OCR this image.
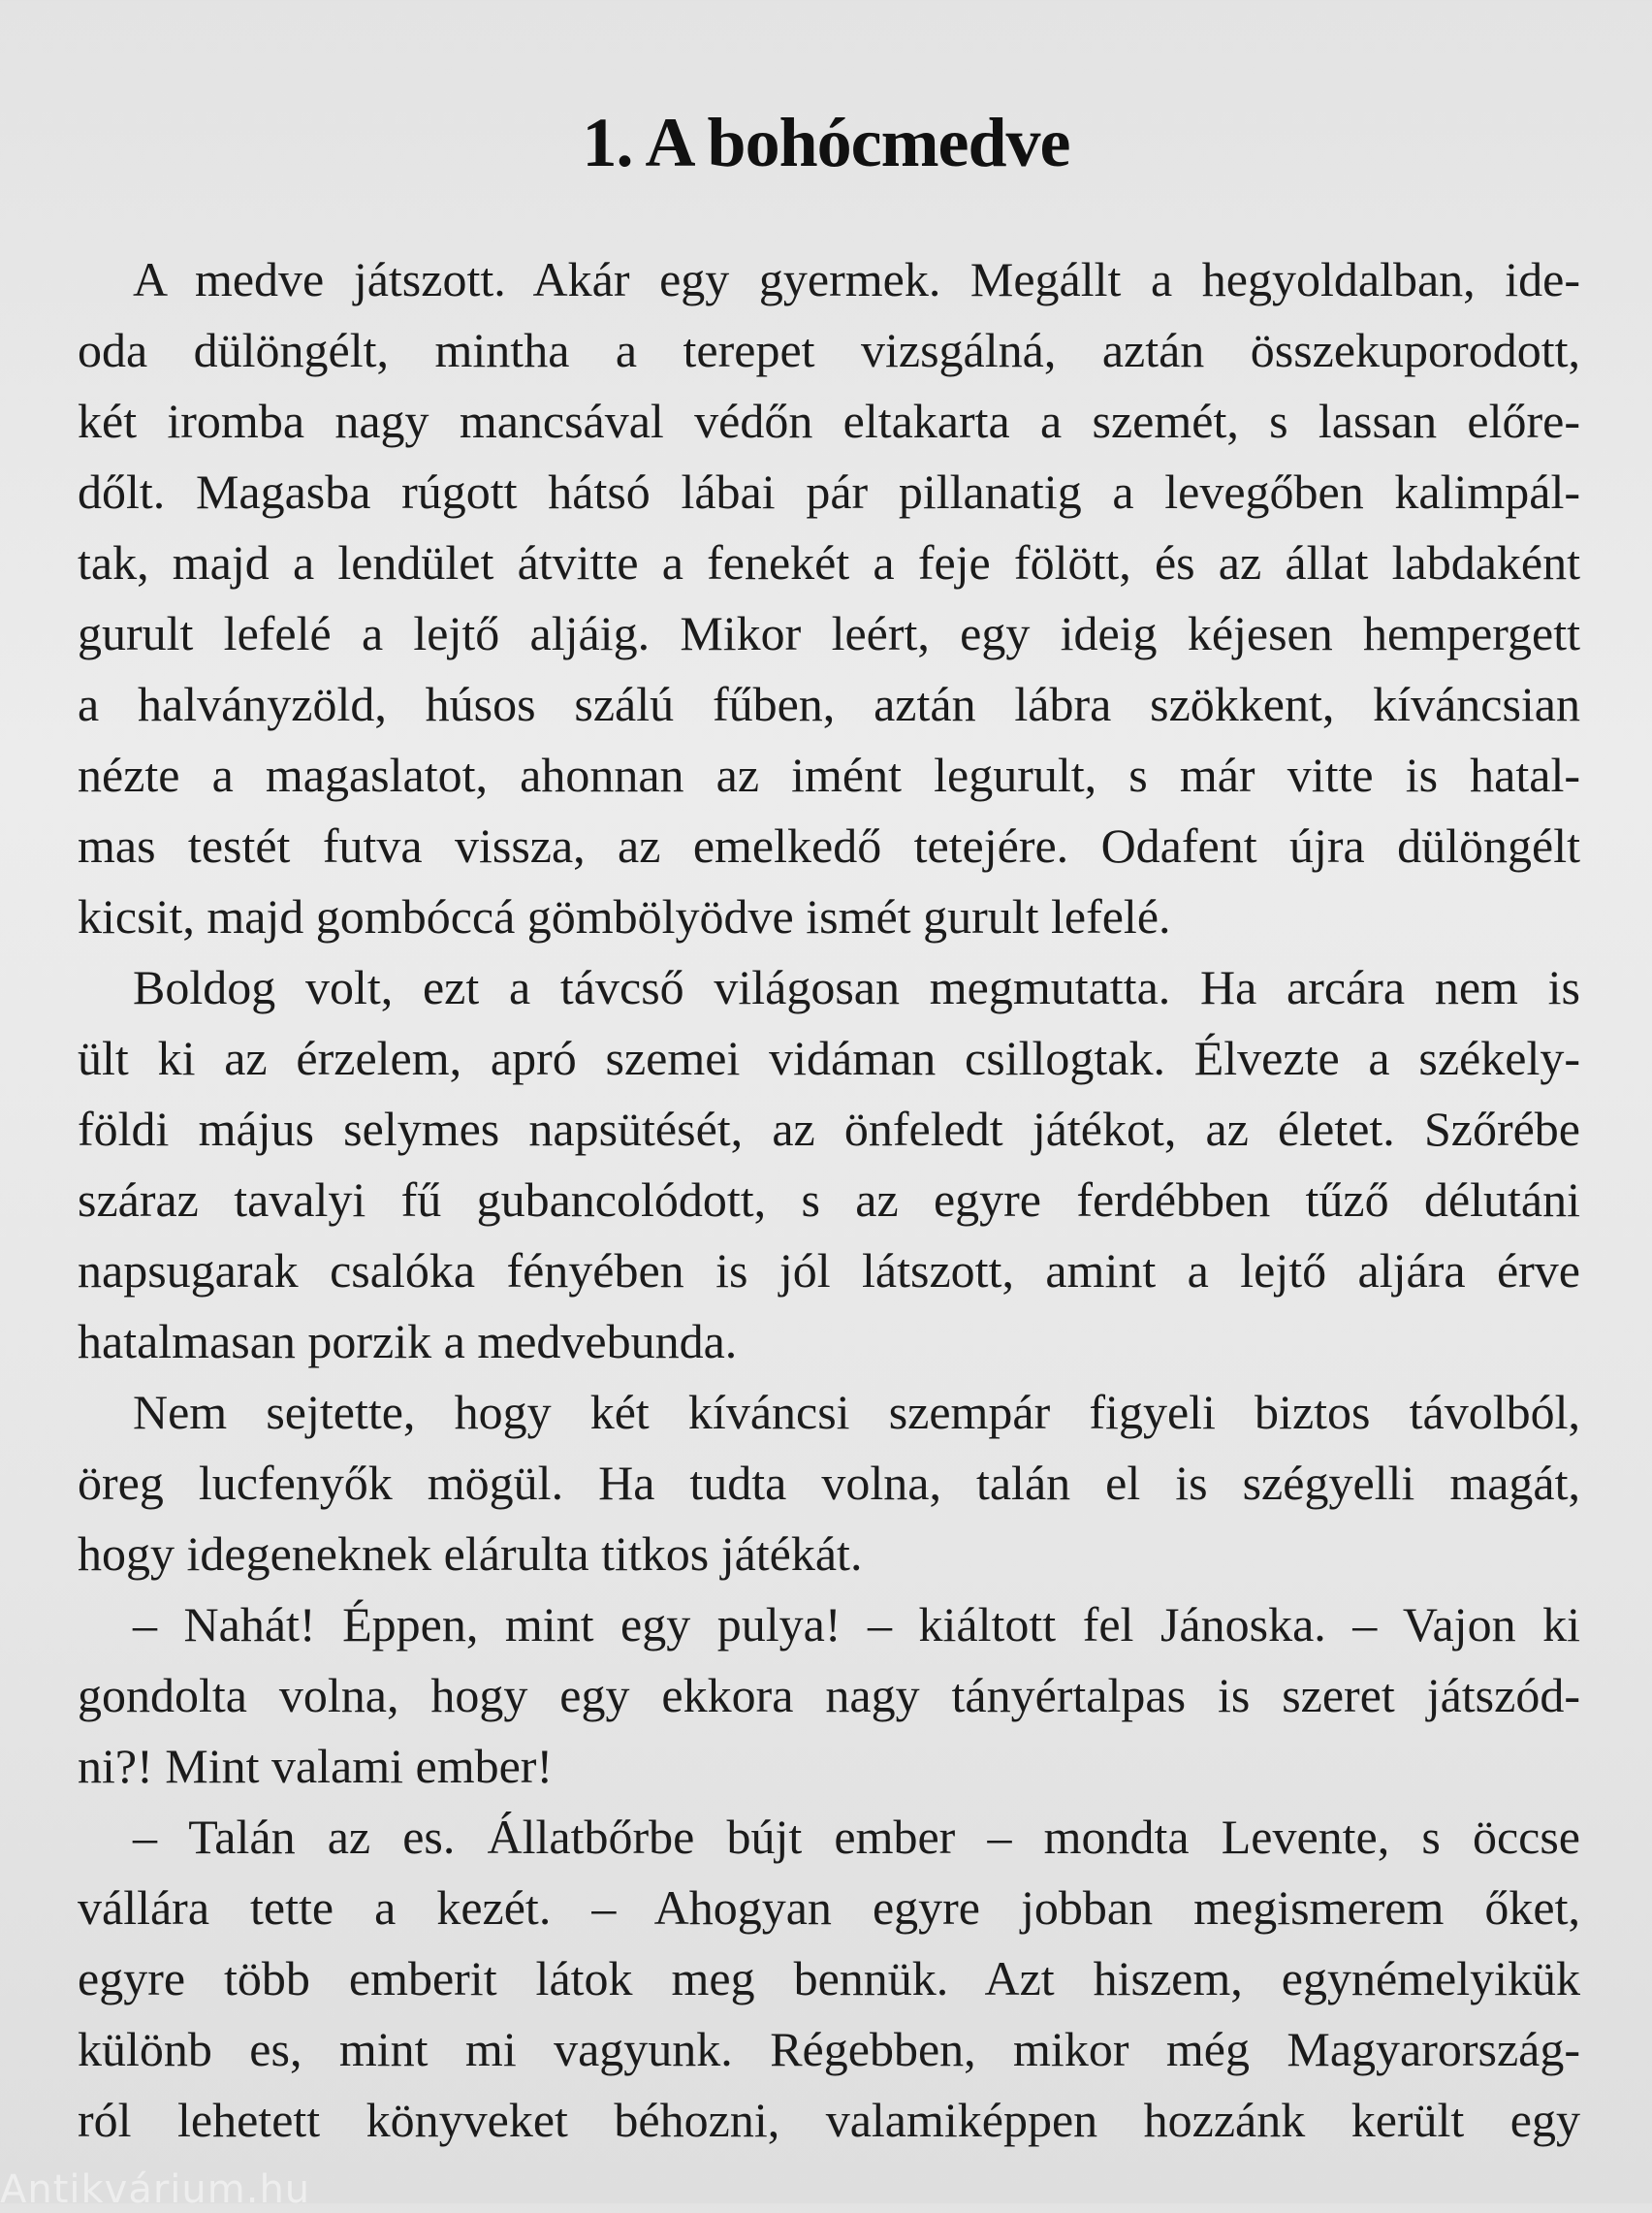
1. A bohócmedve
A medve játszott. Akár egy gyermek. Megállt a hegyoldalban, ide-
oda dülöngélt, mintha a terepet vizsgálná, aztán összekuporodott,
két iromba nagy mancsával védőn eltakarta a szemét, s lassan előre-
dőlt. Magasba rúgott hátsó lábai pár pillanatig a levegőben kalimpál-
tak, majd a lendület átvitte a fenekét a feje fölött, és az állat labdaként
gurult lefelé a lejtő aljáig. Mikor leért, egy ideig kéjesen hempergett
a halványzöld, húsos szálú fűben, aztán lábra szökkent, kíváncsian
nézte a magaslatot, ahonnan az imént legurult, s már vitte is hatal-
mas testét futva vissza, az emelkedő tetejére. Odafent újra dülöngélt
kicsit, majd gombóccá gömbölyödve ismét gurult lefelé.
Boldog volt, ezt a távcső világosan megmutatta. Ha arcára nem is
ült ki az érzelem, apró szemei vidáman csillogtak. Élvezte a székely-
földi május selymes napsütését, az önfeledt játékot, az életet. Szőrébe
száraz tavalyi fű gubancolódott, s az egyre ferdébben tűző délutáni
napsugarak csalóka fényében is jól látszott, amint a lejtő aljára érve
hatalmasan porzik a medvebunda.
Nem sejtette, hogy két kíváncsi szempár figyeli biztos távolból,
öreg lucfenyők mögül. Ha tudta volna, talán el is szégyelli magát,
hogy idegeneknek elárulta titkos játékát.
– Nahát! Éppen, mint egy pulya! – kiáltott fel Jánoska. – Vajon ki
gondolta volna, hogy egy ekkora nagy tányértalpas is szeret játszód-
ni?! Mint valami ember!
– Talán az es. Állatbőrbe bújt ember – mondta Levente, s öccse
vállára tette a kezét. – Ahogyan egyre jobban megismerem őket,
egyre több emberit látok meg bennük. Azt hiszem, egynémelyikük
különb es, mint mi vagyunk. Régebben, mikor még Magyarország-
ról lehetett könyveket béhozni, valamiképpen hozzánk került egy
Antikvárium.hu
